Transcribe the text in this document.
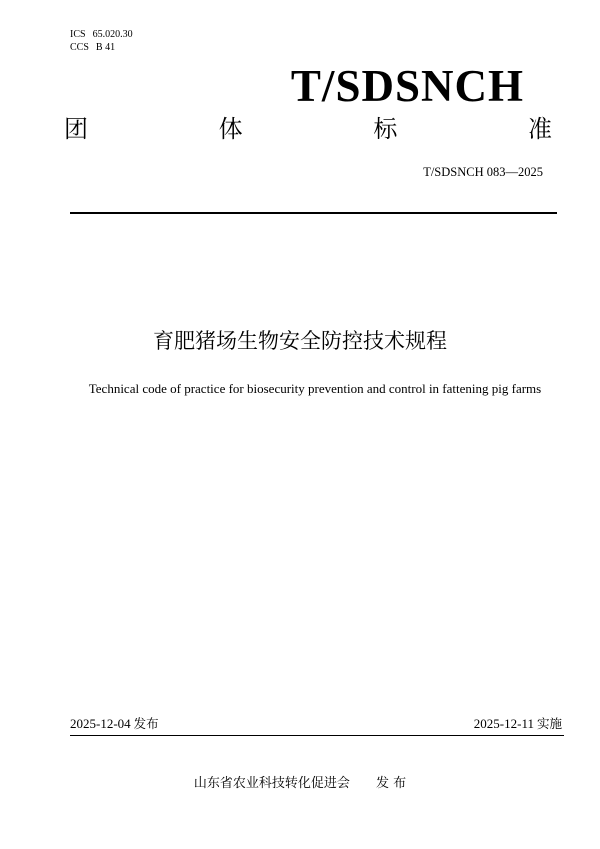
ICS 65.020.30
CCS B 41
T/SDSNCH
团	体	标	准
T/SDSNCH 083—2025
育肥猪场生物安全防控技术规程
Technical code of practice for biosecurity prevention and control in fattening pig farms
2025-12-04 发布	2025-12-11 实施
山东省农业科技转化促进会 发 布
